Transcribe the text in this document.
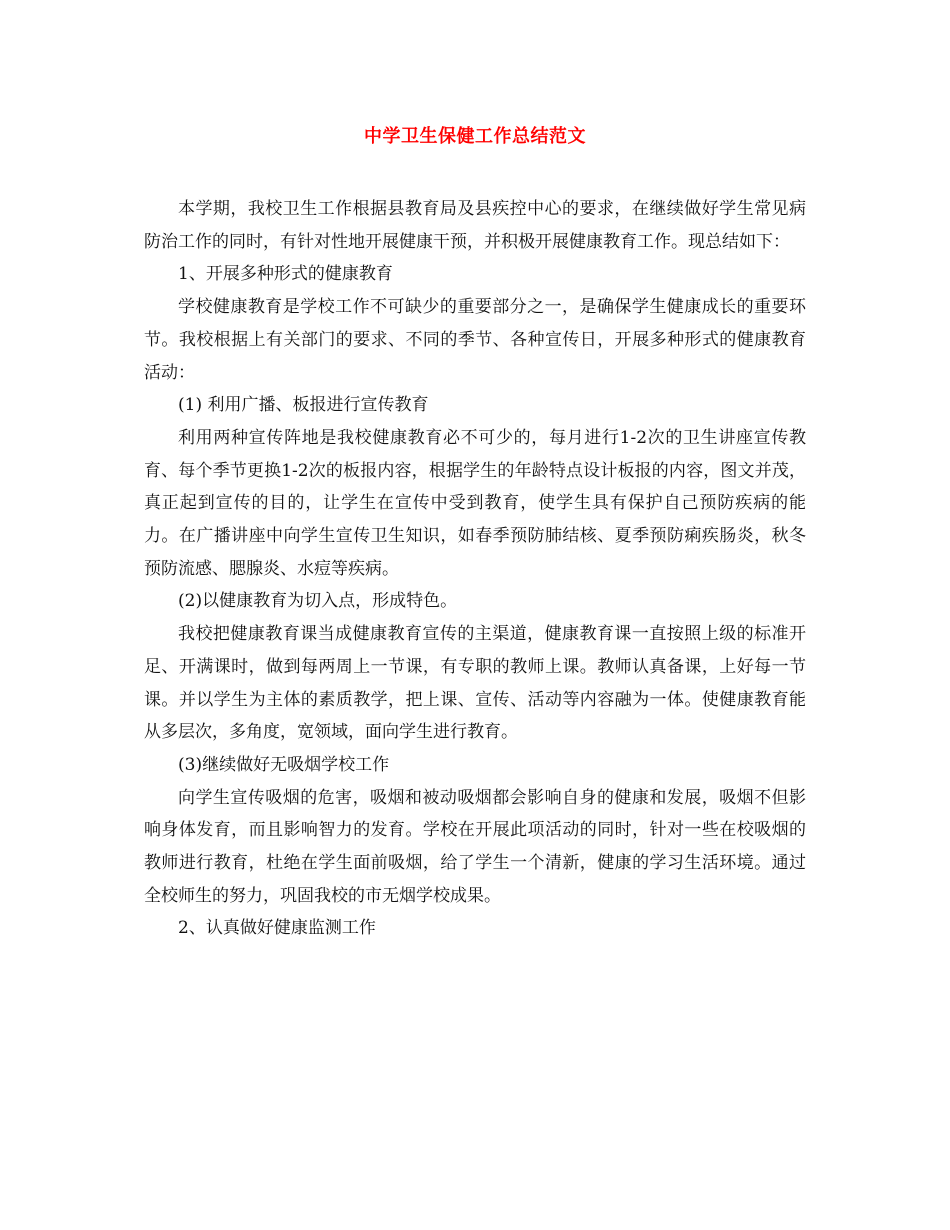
中学卫生保健工作总结范文

本学期，我校卫生工作根据县教育局及县疾控中心的要求，在继续做好学生常见病防治工作的同时，有针对性地开展健康干预，并积极开展健康教育工作。现总结如下：

1、开展多种形式的健康教育

学校健康教育是学校工作不可缺少的重要部分之一，是确保学生健康成长的重要环节。我校根据上有关部门的要求、不同的季节、各种宣传日，开展多种形式的健康教育活动：

(1) 利用广播、板报进行宣传教育

利用两种宣传阵地是我校健康教育必不可少的，每月进行1-2次的卫生讲座宣传教育、每个季节更换1-2次的板报内容，根据学生的年龄特点设计板报的内容，图文并茂，真正起到宣传的目的，让学生在宣传中受到教育，使学生具有保护自己预防疾病的能力。在广播讲座中向学生宣传卫生知识，如春季预防肺结核、夏季预防痢疾肠炎，秋冬预防流感、腮腺炎、水痘等疾病。

(2)以健康教育为切入点，形成特色。

我校把健康教育课当成健康教育宣传的主渠道，健康教育课一直按照上级的标准开足、开满课时，做到每两周上一节课，有专职的教师上课。教师认真备课，上好每一节课。并以学生为主体的素质教学，把上课、宣传、活动等内容融为一体。使健康教育能从多层次，多角度，宽领域，面向学生进行教育。

(3)继续做好无吸烟学校工作

向学生宣传吸烟的危害，吸烟和被动吸烟都会影响自身的健康和发展，吸烟不但影响身体发育，而且影响智力的发育。学校在开展此项活动的同时，针对一些在校吸烟的教师进行教育，杜绝在学生面前吸烟，给了学生一个清新，健康的学习生活环境。通过全校师生的努力，巩固我校的市无烟学校成果。

2、认真做好健康监测工作
